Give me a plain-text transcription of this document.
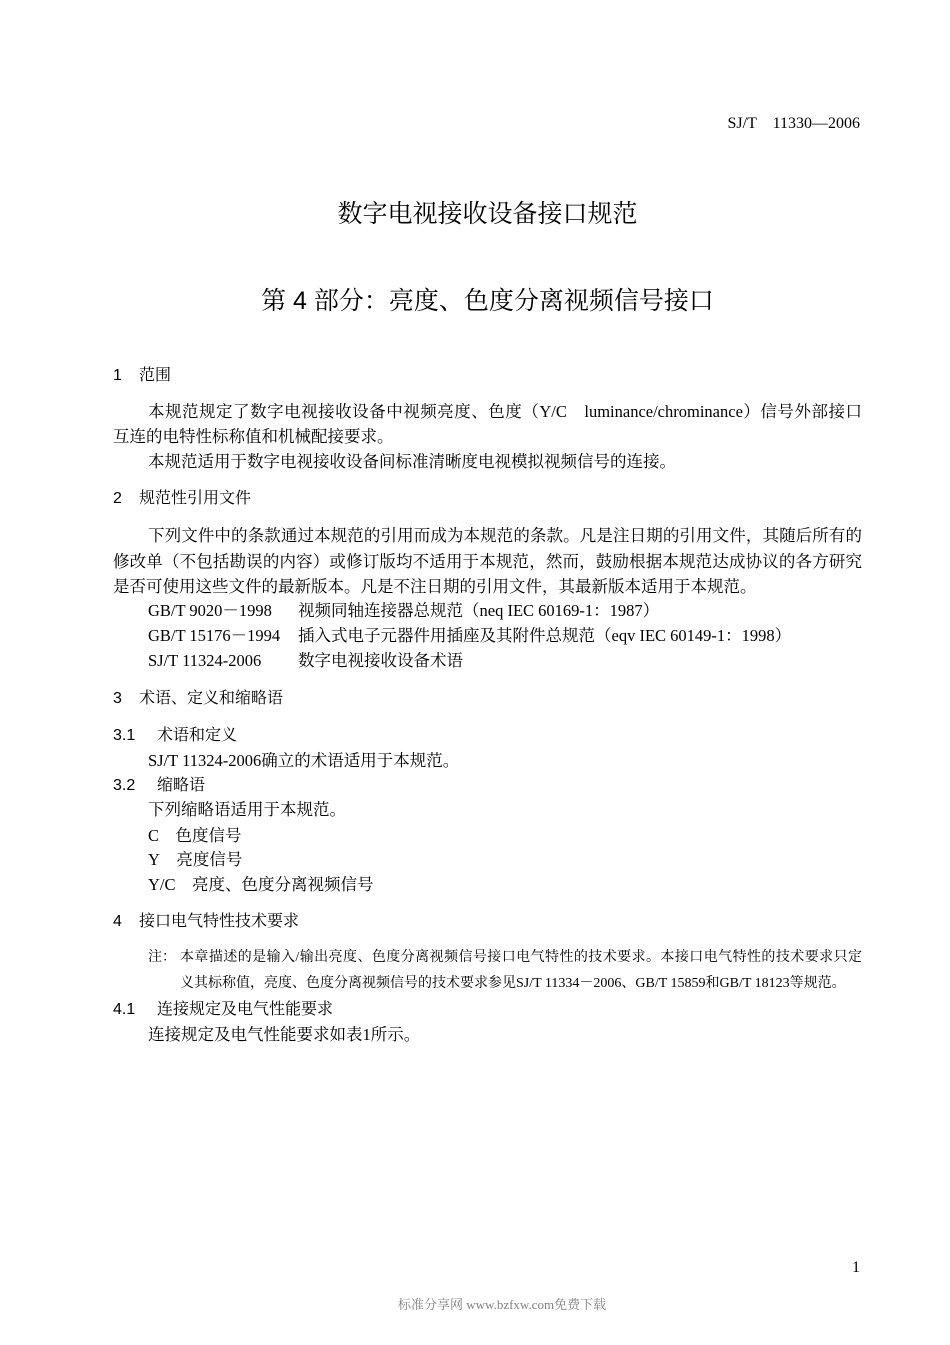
SJ/T　11330—2006
数字电视接收设备接口规范
第 4 部分：亮度、色度分离视频信号接口
1 范围
本规范规定了数字电视接收设备中视频亮度、色度（Y/C　luminance/chrominance）信号外部接口
互连的电特性标称值和机械配接要求。
本规范适用于数字电视接收设备间标准清晰度电视模拟视频信号的连接。
2 规范性引用文件
下列文件中的条款通过本规范的引用而成为本规范的条款。凡是注日期的引用文件，其随后所有的
修改单（不包括勘误的内容）或修订版均不适用于本规范，然而，鼓励根据本规范达成协议的各方研究
是否可使用这些文件的最新版本。凡是不注日期的引用文件，其最新版本适用于本规范。
GB/T 9020－1998 视频同轴连接器总规范（neq IEC 60169-1：1987）
GB/T 15176－1994 插入式电子元器件用插座及其附件总规范（eqv IEC 60149-1：1998）
SJ/T 11324-2006 数字电视接收设备术语
3 术语、定义和缩略语
3.1 术语和定义
SJ/T 11324-2006确立的术语适用于本规范。
3.2 缩略语
下列缩略语适用于本规范。
C 色度信号
Y 亮度信号
Y/C 亮度、色度分离视频信号
4 接口电气特性技术要求
注： 本章描述的是输入/输出亮度、色度分离视频信号接口电气特性的技术要求。本接口电气特性的技术要求只定
义其标称值，亮度、色度分离视频信号的技术要求参见SJ/T 11334－2006、GB/T 15859和GB/T 18123等规范。
4.1 连接规定及电气性能要求
连接规定及电气性能要求如表1所示。
1
标准分享网 www.bzfxw.com免费下载
